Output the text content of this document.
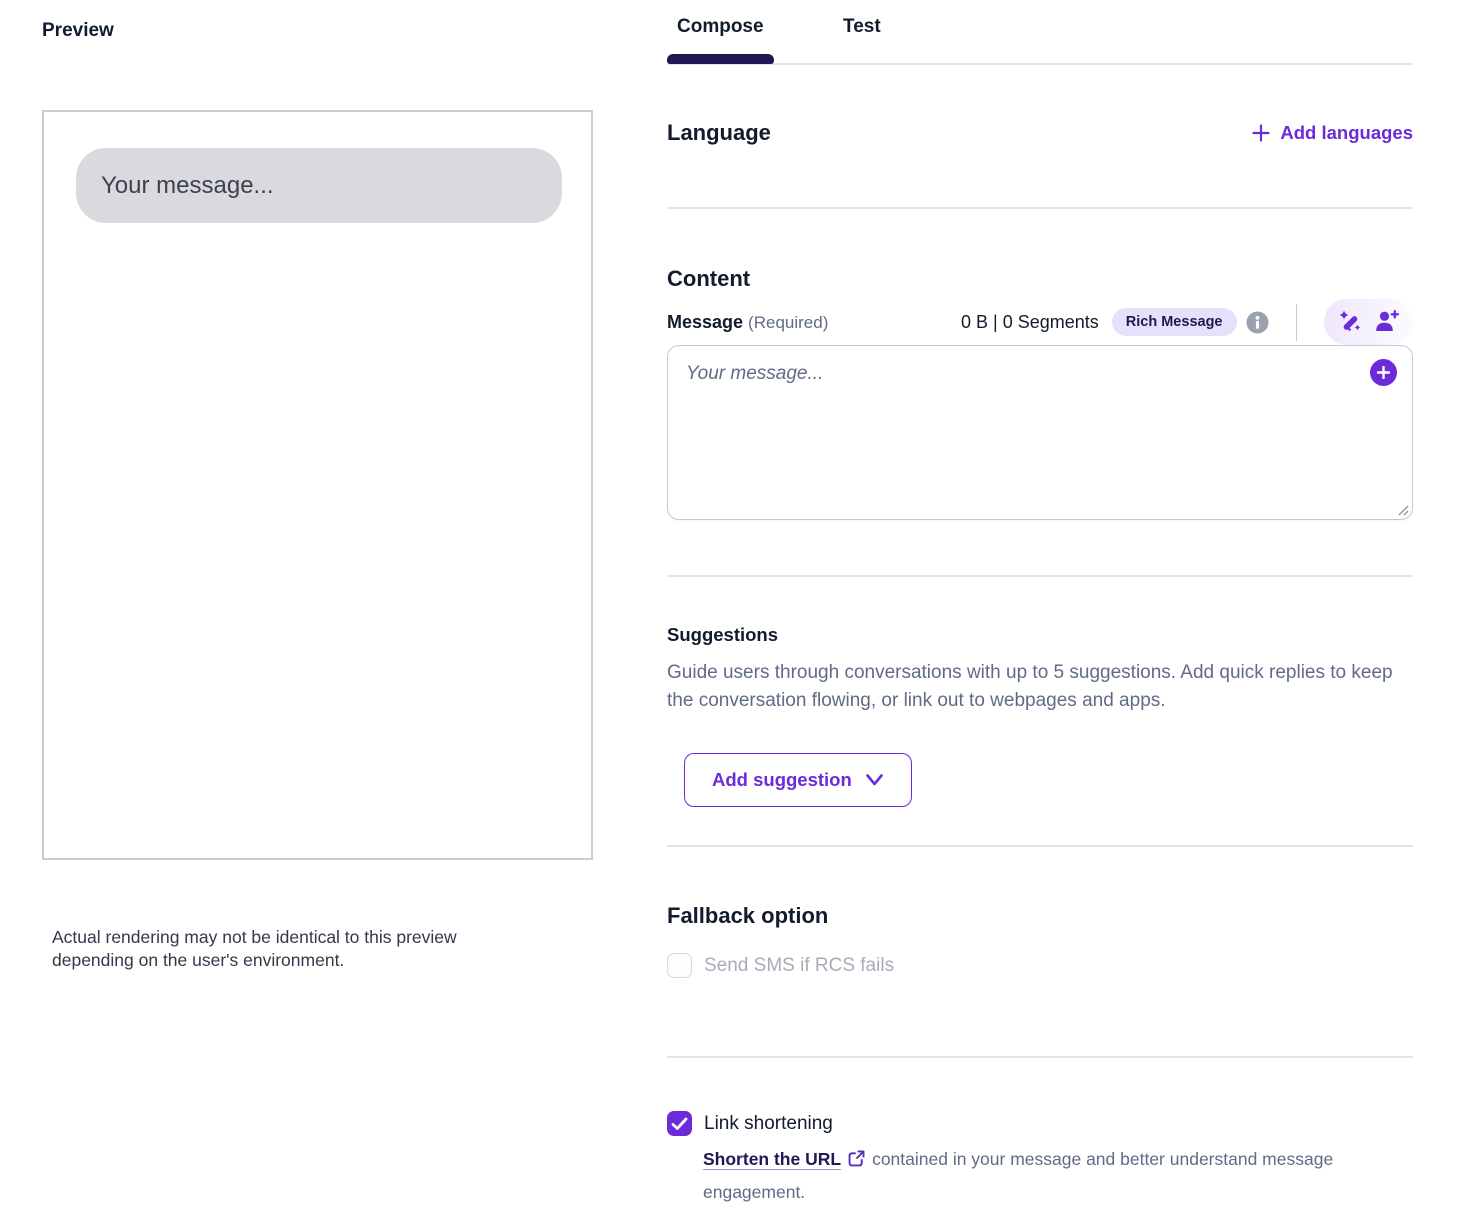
Preview
Your message...
Actual rendering may not be identical to this preview depending on the user's environment.
Compose	Test
Language	Add languages
Content
Message (Required)	0 B | 0 Segments	Rich Message
Your message...
Suggestions
Guide users through conversations with up to 5 suggestions. Add quick replies to keep the conversation flowing, or link out to webpages and apps.
Add suggestion
Fallback option
Send SMS if RCS fails
Link shortening
Shorten the URL contained in your message and better understand message engagement.
